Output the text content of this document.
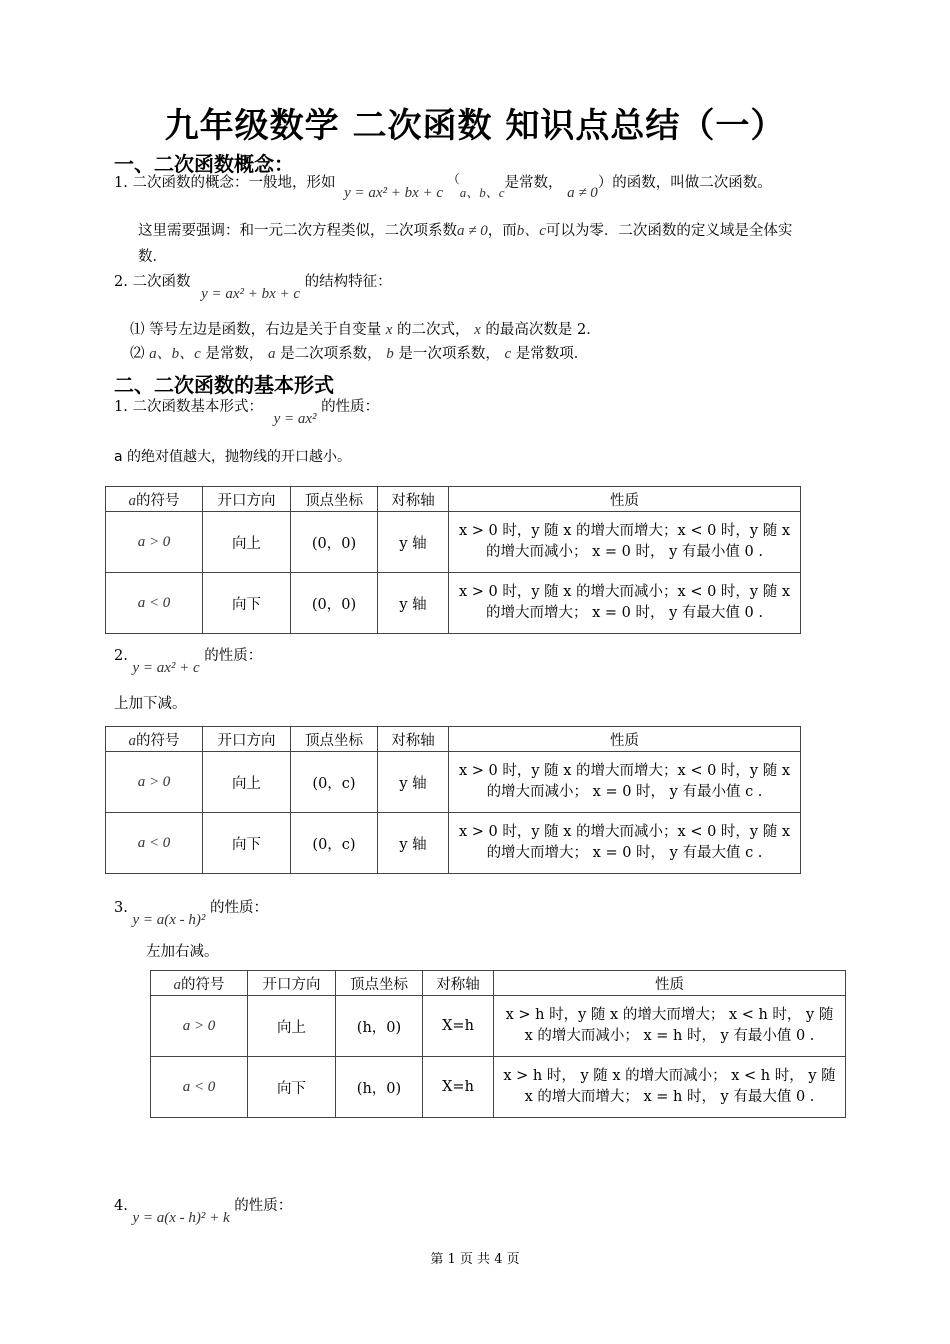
九年级数学 二次函数 知识点总结（一）
一、二次函数概念：
1. 二次函数的概念：一般地，形如 y = ax² + bx + c （a、b、c是常数， a ≠ 0）的函数，叫做二次函数。
这里需要强调：和一元二次方程类似，二次项系数a ≠ 0，而b、c可以为零．二次函数的定义域是全体实
数．
2. 二次函数 y = ax² + bx + c 的结构特征：
⑴ 等号左边是函数，右边是关于自变量 x 的二次式， x 的最高次数是 2．
⑵ a、b、c 是常数， a 是二次项系数， b 是一次项系数， c 是常数项．
二、二次函数的基本形式
1. 二次函数基本形式： y = ax² 的性质：
a 的绝对值越大，抛物线的开口越小。
a的符号	开口方向	顶点坐标	对称轴	性质
a > 0	向上	(0，0)	y 轴	x > 0 时，y 随 x 的增大而增大；x < 0 时，y 随 x
的增大而减小； x = 0 时， y 有最小值 0 .

a < 0	向下	(0，0)	y 轴	x > 0 时，y 随 x 的增大而减小；x < 0 时，y 随 x
的增大而增大； x = 0 时， y 有最大值 0 .
2. y = ax² + c 的性质：
上加下减。
a的符号	开口方向	顶点坐标	对称轴	性质
a > 0	向上	(0，c)	y 轴	x > 0 时，y 随 x 的增大而增大；x < 0 时，y 随 x
的增大而减小； x = 0 时， y 有最小值 c .

a < 0	向下	(0，c)	y 轴	x > 0 时，y 随 x 的增大而减小；x < 0 时，y 随 x
的增大而增大； x = 0 时， y 有最大值 c .
3. y = a(x - h)² 的性质：
左加右减。
a的符号	开口方向	顶点坐标	对称轴	性质
a > 0	向上	(h，0)	X=h	x > h 时，y 随 x 的增大而增大； x < h 时， y 随
x 的增大而减小； x = h 时， y 有最小值 0 .

a < 0	向下	(h，0)	X=h	x > h 时， y 随 x 的增大而减小； x < h 时， y 随
x 的增大而增大； x = h 时， y 有最大值 0 .
4. y = a(x - h)² + k 的性质：
第 1 页 共 4 页
